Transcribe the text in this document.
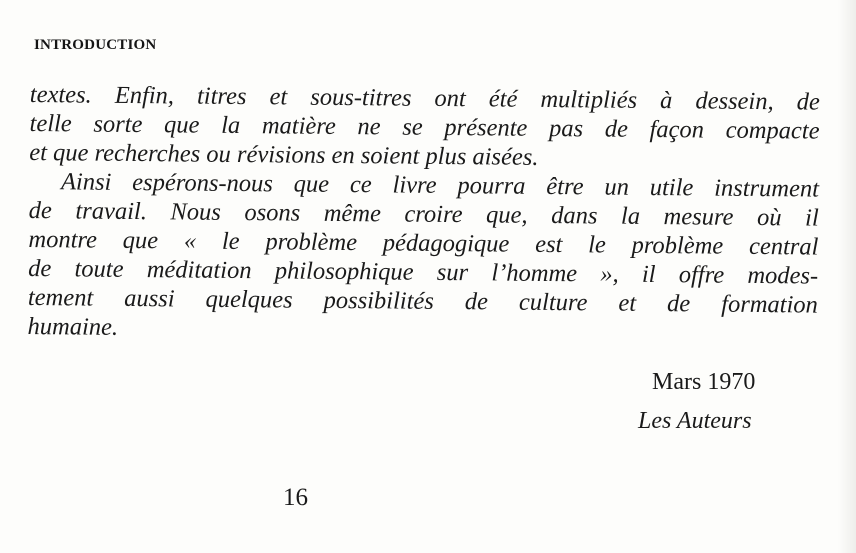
INTRODUCTION
textes. Enfin, titres et sous-titres ont été multipliés à dessein, de
telle sorte que la matière ne se présente pas de façon compacte
et que recherches ou révisions en soient plus aisées.
Ainsi espérons-nous que ce livre pourra être un utile instrument
de travail. Nous osons même croire que, dans la mesure où il
montre que « le problème pédagogique est le problème central
de toute méditation philosophique sur l’homme », il offre modes-
tement aussi quelques possibilités de culture et de formation
humaine.
Mars 1970
Les Auteurs
16
